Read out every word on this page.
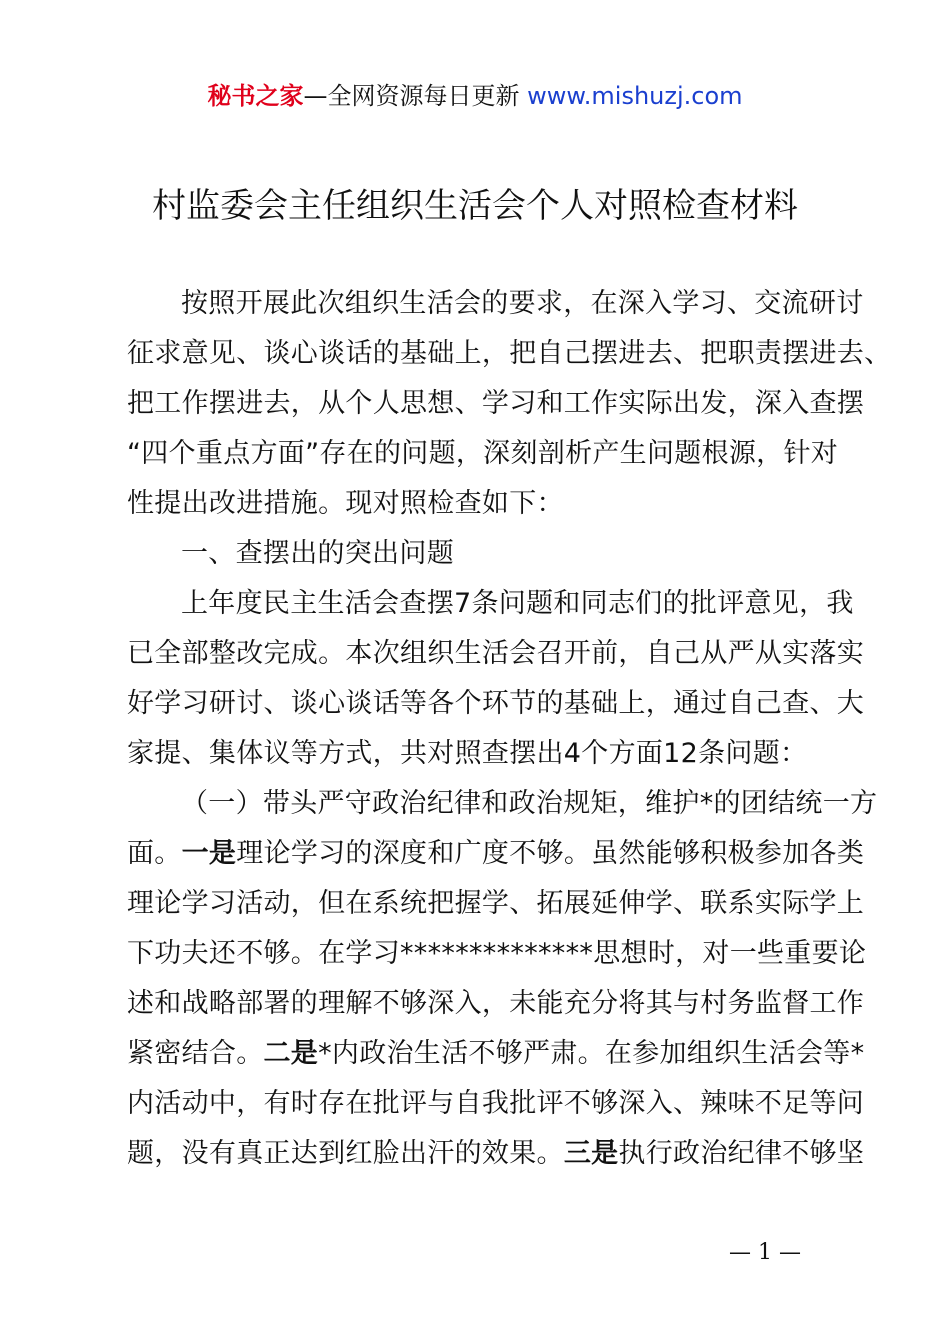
秘书之家—全网资源每日更新 www.mishuzj.com
村监委会主任组织生活会个人对照检查材料
按照开展此次组织生活会的要求，在深入学习、交流研讨
征求意见、谈心谈话的基础上，把自己摆进去、把职责摆进去、
把工作摆进去，从个人思想、学习和工作实际出发，深入查摆
“四个重点方面”存在的问题，深刻剖析产生问题根源，针对
性提出改进措施。现对照检查如下：
一、查摆出的突出问题
上年度民主生活会查摆7条问题和同志们的批评意见，我
已全部整改完成。本次组织生活会召开前，自己从严从实落实
好学习研讨、谈心谈话等各个环节的基础上，通过自己查、大
家提、集体议等方式，共对照查摆出4个方面12条问题：
（一）带头严守政治纪律和政治规矩，维护*的团结统一方
面。一是理论学习的深度和广度不够。虽然能够积极参加各类
理论学习活动，但在系统把握学、拓展延伸学、联系实际学上
下功夫还不够。在学习**************思想时，对一些重要论
述和战略部署的理解不够深入，未能充分将其与村务监督工作
紧密结合。二是*内政治生活不够严肃。在参加组织生活会等*
内活动中，有时存在批评与自我批评不够深入、辣味不足等问
题，没有真正达到红脸出汗的效果。三是执行政治纪律不够坚
— 1 —
